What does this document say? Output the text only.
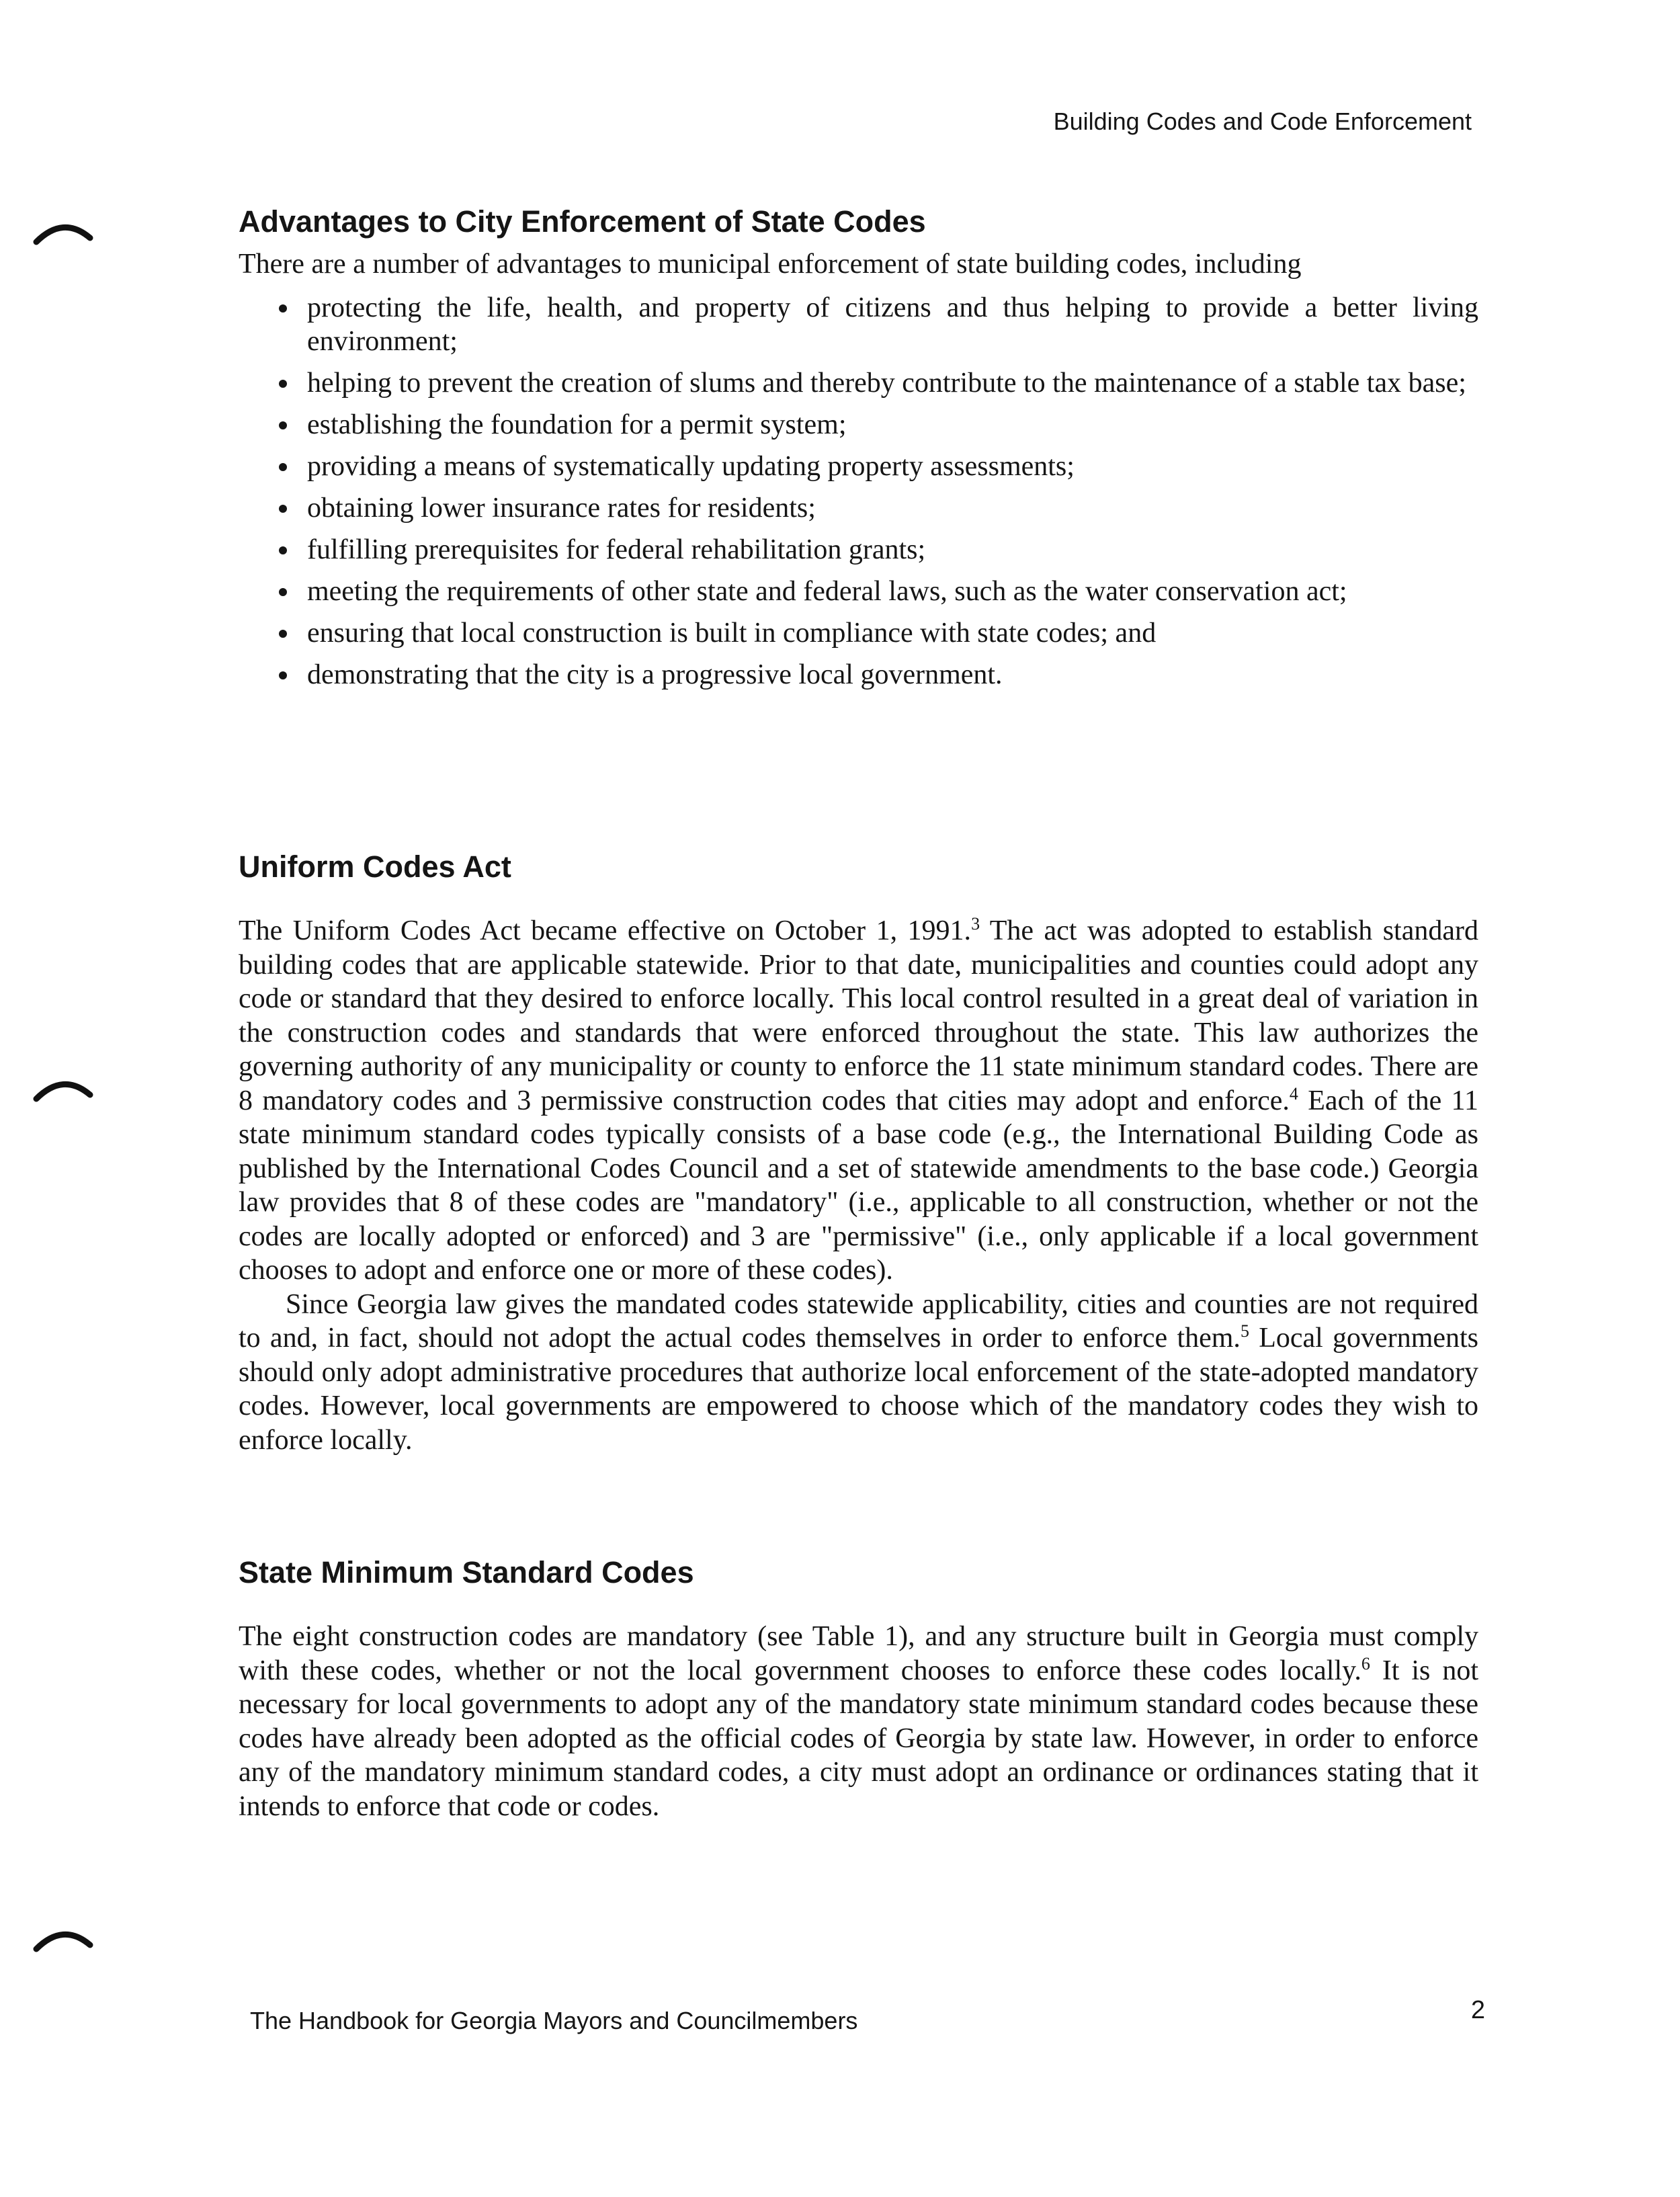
Building Codes and Code Enforcement
Advantages to City Enforcement of State Codes

There are a number of advantages to municipal enforcement of state building codes, including

protecting the life, health, and property of citizens and thus helping to provide a better living environment;
helping to prevent the creation of slums and thereby contribute to the maintenance of a stable tax base;
establishing the foundation for a permit system;
providing a means of systematically updating property assessments;
obtaining lower insurance rates for residents;
fulfilling prerequisites for federal rehabilitation grants;
meeting the requirements of other state and federal laws, such as the water conservation act;
ensuring that local construction is built in compliance with state codes; and
demonstrating that the city is a progressive local government.
Uniform Codes Act

The Uniform Codes Act became effective on October 1, 1991.$^3$ The act was adopted to establish standard building codes that are applicable statewide. Prior to that date, municipalities and counties could adopt any code or standard that they desired to enforce locally. This local control resulted in a great deal of variation in the construction codes and standards that were enforced throughout the state. This law authorizes the governing authority of any municipality or county to enforce the 11 state minimum standard codes. There are 8 mandatory codes and 3 permissive construction codes that cities may adopt and enforce.$^4$ Each of the 11 state minimum standard codes typically consists of a base code (e.g., the International Building Code as published by the International Codes Council and a set of statewide amendments to the base code.) Georgia law provides that 8 of these codes are "mandatory" (i.e., applicable to all construction, whether or not the codes are locally adopted or enforced) and 3 are "permissive" (i.e., only applicable if a local government chooses to adopt and enforce one or more of these codes).

Since Georgia law gives the mandated codes statewide applicability, cities and counties are not required to and, in fact, should not adopt the actual codes themselves in order to enforce them.$^5$ Local governments should only adopt administrative procedures that authorize local enforcement of the state-adopted mandatory codes. However, local governments are empowered to choose which of the mandatory codes they wish to enforce locally.

State Minimum Standard Codes

The eight construction codes are mandatory (see Table 1), and any structure built in Georgia must comply with these codes, whether or not the local government chooses to enforce these codes locally.$^6$ It is not necessary for local governments to adopt any of the mandatory state minimum standard codes because these codes have already been adopted as the official codes of Georgia by state law. However, in order to enforce any of the mandatory minimum standard codes, a city must adopt an ordinance or ordinances stating that it intends to enforce that code or codes.

The Handbook for Georgia Mayors and Councilmembers	2
